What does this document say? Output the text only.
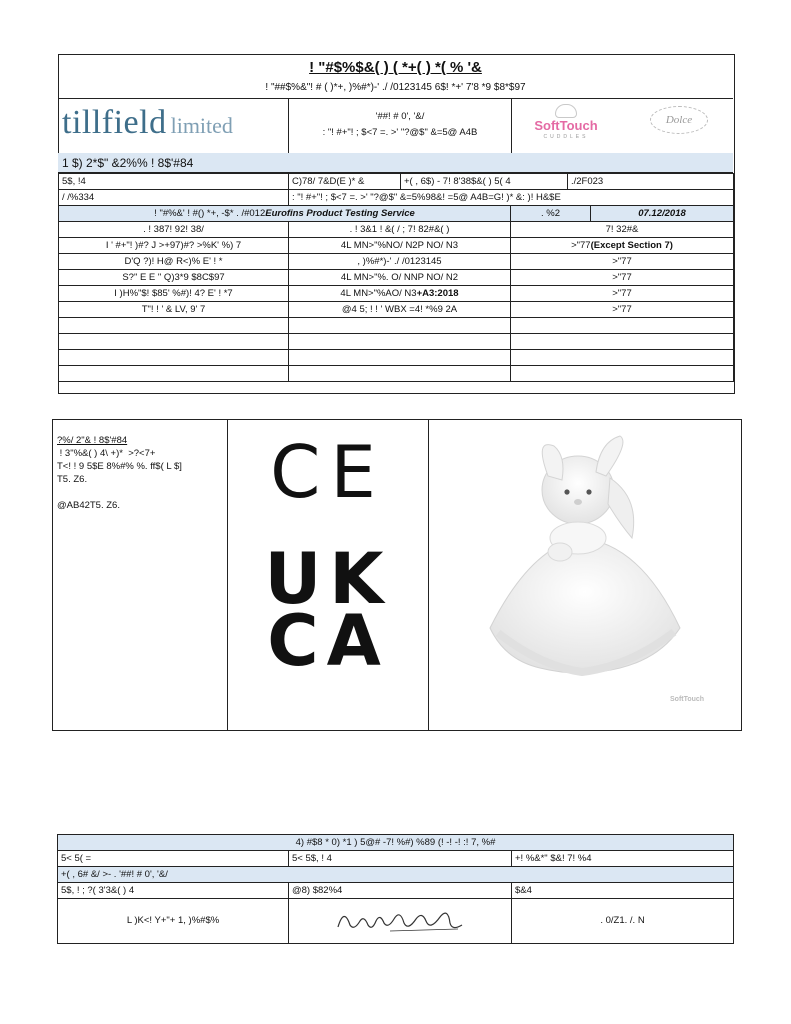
! "#$%$&( ) ( *+( ) *( % '&
! "##$%&"! # ( )*+, )%#*)-' ./ /0123145 6$! *+' 7'8 *9 $8*$97
tillfield limited	'##! # 0', '&/
: "! #+"! ; $<7 =. >' "?@$" &=5@ A4B	SoftTouch
CUDDLES
Dolce
1 $) 2*$" &2%% ! 8$'#84
5$, !4	C)78/ 7&D(E )* &	+( , 6$) - 7! 8'38$&( ) 5( 4	./2F023
/ /%334	: "! #+"! ; $<7 =. >' "?@$" &=5%98&! =5@ A4B=G! )* &: )! H&$E
! "#%&' ! #() *+, -$* . /#012Eurofins Product Testing Service	. %2	07.12/2018
. ! 387! 92! 38/	. ! 3&1 ! &( / ; 7! 82#&( )	7! 32#&
I ' #+"! )#? J >+97)#? >%K' %) 7	4L MN>"%NO/ N2P NO/ N3	>"77(Except Section 7)
D'Q ?)! H@ R<)% E' ! *	, )%#*)-' ./ /0123145	>"77
S?" E E " Q)3*9 $8C$97	4L MN>"%. O/ NNP NO/ N2	>"77
I )H%"$! $85' %#)! 4? E' ! *7	4L MN>"%AO/ N3+A3:2018	>"77
T"! ! ' & LV, 9' 7	@4 5; ! ! ' WBX =4! *%9 2A	>"77

?%/ 2"& ! 8$'#84
! 3"%&( ) 4\ +)*  >?<7+
T<! ! 9 5$E 8%#% %. ff$( L $]
T5. Z6.
@AB42T5. Z6.	CE
UK
CA
SoftTouch
4) #$8 * 0) *1 ) 5@# -7! %#) %89 (! -! -! :! 7, %#		
5< 5( =	5< 5$, ! 4	+! %&*" $&! 7! %4
+( , 6# &/ >- . '##! # 0', '&/		
5$, ! ; ?( 3'3&( ) 4	@8) $82%4	$&4
L )K<! Y+"+ 1, )%#$%		. 0/Z1. /. N
